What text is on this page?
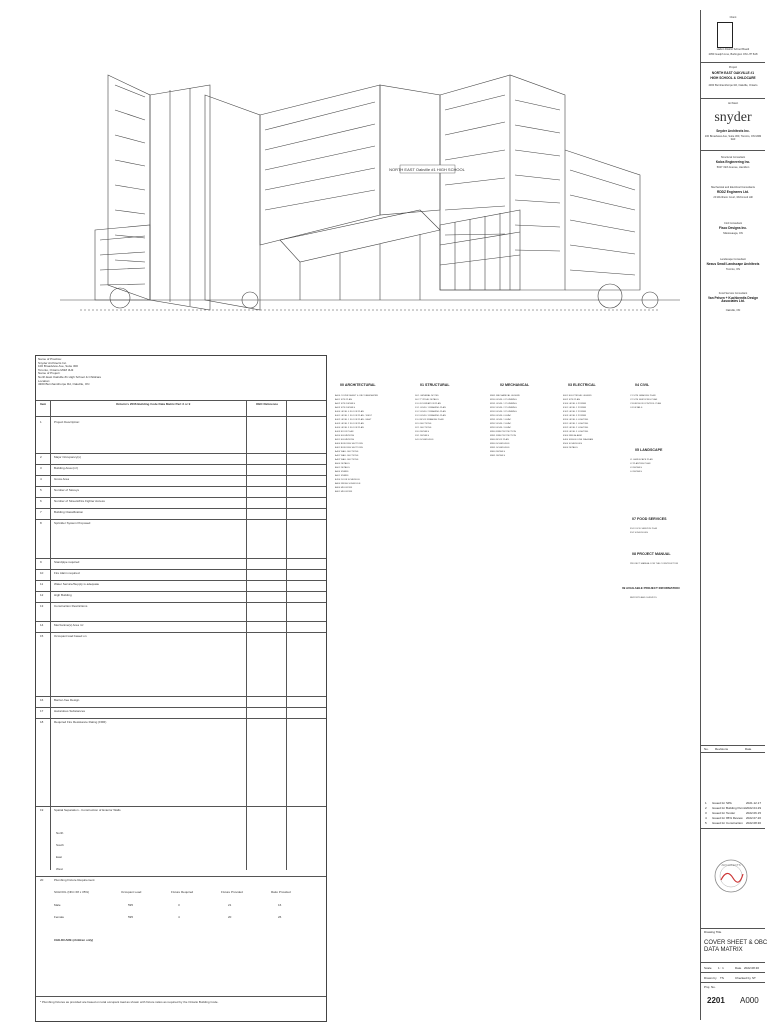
NORTH EAST Oakville #1 HIGH SCHOOL
Name of Practice:
Snyder Architects Inc.
100 Broadview Ave, Suite 300
Toronto, Ontario M4M 3H3
Name of Project:
North East Oakville #1 High School & Childcare
Location:
4300 Burnhamthorpe Rd, Oakville, ON
Item	Ontario's 2006 Building Code Data Matrix Part 3 or 9	OBC Reference
1	Project Description:
2	Major Occupancy(s)
3	Building Area (m²)
4	Gross Area
5	Number of Storeys
6	Number of Streets/Fire Fighter Access
7	Building Classification
8	Sprinkler System Proposed
9	Standpipe required
10	Fire Alarm required
11	Water Service/Supply is adequate
12	High Building
13	Construction Restrictions
14	Mezzanine(s) Area m²
15	Occupant load based on
16	Barrier-free Design
17	Hazardous Substances
18	Required Fire Resistance Rating (FRR)
19	Spatial Separation - Construction of Exterior Walls
North
South
East
West
20	Plumbing Fixture Requirement
SCHOOL (NKC 68 x 35%)	Occupant Load	Fixture Required	Fixture Provided	Ratio Provided
Male	595	3	21	16
Female	595	4	20	26
CHILDCARE (children only)
* Plumbing fixtures as provided are based on total occupant load as shown with fixture ratios as required by the Ontario Building Code.
00 ARCHITECTURAL
A000 COVER SHEET & OBC DATA MATRIX
A001 SITE PLAN
A002 SITE DETAILS
A003 SITE DETAILS
A100 LEVEL 0 FLOOR PLAN
A101 LEVEL 1 FLOOR PLAN - WEST
A102 LEVEL 1 FLOOR PLAN - EAST
A103 LEVEL 2 FLOOR PLAN
A104 LEVEL 3 FLOOR PLAN
A105 ROOF PLAN
A200 ELEVATIONS
A201 ELEVATIONS
A300 BUILDING SECTIONS
A301 BUILDING SECTIONS
A400 WALL SECTIONS
A401 WALL SECTIONS
A402 WALL SECTIONS
A500 DETAILS
A501 DETAILS
A600 STAIRS
A601 STAIRS
A700 DOOR SCHEDULE
A800 FINISH SCHEDULE
A900 MILLWORK
A901 MILLWORK
01 STRUCTURAL
S0.1 GENERAL NOTES
S0.2 TYPICAL DETAILS
S1.0 FOUNDATION PLAN
S1.1 LEVEL 1 FRAMING PLAN
S1.2 LEVEL 2 FRAMING PLAN
S1.3 LEVEL 3 FRAMING PLAN
S1.4 ROOF FRAMING PLAN
S2.0 SECTIONS
S2.1 SECTIONS
S3.0 DETAILS
S3.1 DETAILS
S4.0 SCHEDULES
02 MECHANICAL
M001 MECHANICAL LEGEND
M100 LEVEL 0 PLUMBING
M101 LEVEL 1 PLUMBING
M102 LEVEL 2 PLUMBING
M103 LEVEL 3 PLUMBING
M200 LEVEL 0 HVAC
M201 LEVEL 1 HVAC
M202 LEVEL 2 HVAC
M203 LEVEL 3 HVAC
M300 FIRE PROTECTION
M301 FIRE PROTECTION
M400 ROOF PLAN
M500 SCHEDULES
M501 SCHEDULES
M600 DETAILS
M601 DETAILS
03 ELECTRICAL
E001 ELECTRICAL LEGEND
E002 SITE PLAN
E100 LEVEL 0 POWER
E101 LEVEL 1 POWER
E102 LEVEL 2 POWER
E103 LEVEL 3 POWER
E200 LEVEL 0 LIGHTING
E201 LEVEL 1 LIGHTING
E202 LEVEL 2 LIGHTING
E203 LEVEL 3 LIGHTING
E300 FIRE ALARM
E400 SINGLE LINE DIAGRAM
E500 SCHEDULES
E600 DETAILS
04 CIVIL
C1 SITE GRADING PLAN
C2 SITE SERVICING PLAN
C3 EROSION CONTROL PLAN
C4 DETAILS
05 LANDSCAPE
L1 LANDSCAPE PLAN
L2 PLANTING PLAN
L3 DETAILS
L4 DETAILS
07 FOOD SERVICES
FS1 FOOD SERVICE PLAN
FS2 SCHEDULES
08 PROJECT MANUAL
PROJECT MANUAL FOR THE CONSTRUCTION
09 AVAILABLE PROJECT INFORMATION
REPORTS AND SURVEYS
Client
Halton District School Board
2050 Guelph Line, Burlington ON L7P 5A8
Project
NORTH EAST OAKVILLE #1
HIGH SCHOOL & CHILDCARE
4300 Burnhamthorpe Rd, Oakville, Ontario
Architect
snyder
Snyder Architects Inc.
100 Broadview Ave, Suite 300, Toronto, ON M4M 3H3
Structural Consultant
Kalos Engineering Inc.
5027 19th Avenue, Hamilton
Mechanical and Electrical Consultants
RDDZ Engineers Ltd.
20 Wertheim Court, Richmond Hill
Civil Consultant
Fisco Designs Inc.
Mississauga, ON
Landscape Consultant
Nexus Small Landscape Architects
Toronto, ON
Food Service Consultant
Van Pelsen + Kuchkemits Design Associates Ltd.
Oakville, ON
No. Revisions	Date
1 Issued for SPA	2021.12.17
2 Issued for Building Permit 2022.04.29
3 Issued for Tender	2022.06.15
4 Issued for 95% Review 2022.07.20
5 Issued for Construction 2022.08.30
ARCHITECTS
Drawing Title
COVER SHEET & OBC
DATA MATRIX
Scale 1 : 1	Date 2022.08.30
Drawn by TS	Checked by ST
Proj. No.
2201 A000
